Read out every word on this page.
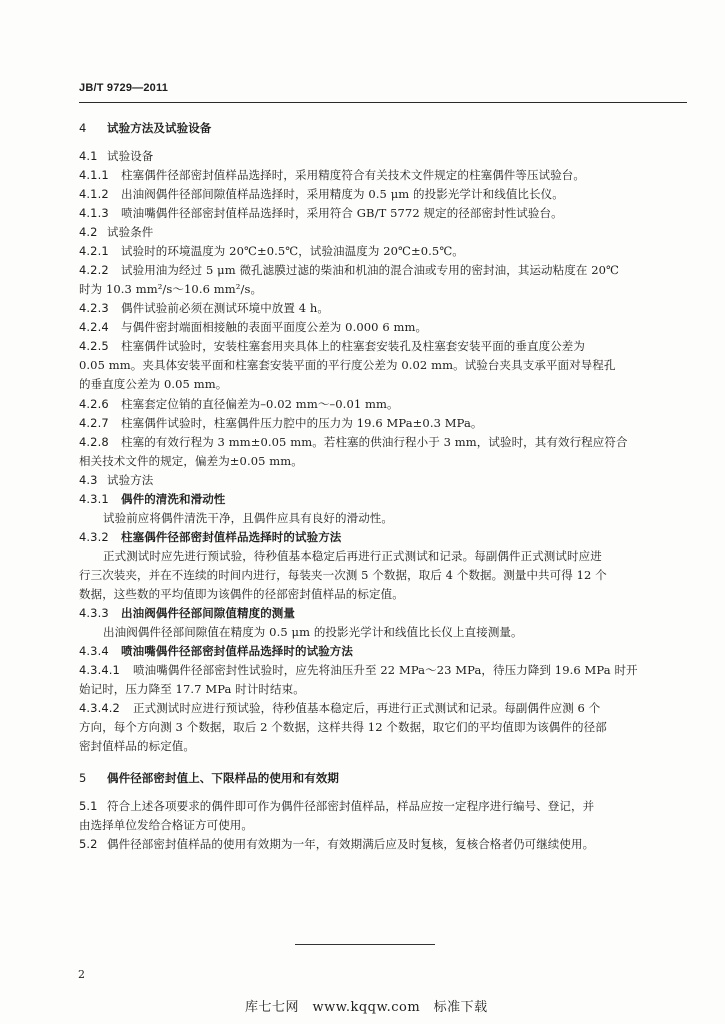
JB/T 9729—2011
4 试验方法及试验设备
4.1 试验设备
4.1.1 柱塞偶件径部密封值样品选择时，采用精度符合有关技术文件规定的柱塞偶件等压试验台。
4.1.2 出油阀偶件径部间隙值样品选择时，采用精度为 0.5 μm 的投影光学计和线值比长仪。
4.1.3 喷油嘴偶件径部密封值样品选择时，采用符合 GB/T 5772 规定的径部密封性试验台。
4.2 试验条件
4.2.1 试验时的环境温度为 20℃±0.5℃，试验油温度为 20℃±0.5℃。
4.2.2 试验用油为经过 5 μm 微孔滤膜过滤的柴油和机油的混合油或专用的密封油，其运动粘度在 20℃
时为 10.3 mm²/s～10.6 mm²/s。
4.2.3 偶件试验前必须在测试环境中放置 4 h。
4.2.4 与偶件密封端面相接触的表面平面度公差为 0.000 6 mm。
4.2.5 柱塞偶件试验时，安装柱塞套用夹具体上的柱塞套安装孔及柱塞套安装平面的垂直度公差为
0.05 mm。夹具体安装平面和柱塞套安装平面的平行度公差为 0.02 mm。试验台夹具支承平面对导程孔
的垂直度公差为 0.05 mm。
4.2.6 柱塞套定位销的直径偏差为–0.02 mm～–0.01 mm。
4.2.7 柱塞偶件试验时，柱塞偶件压力腔中的压力为 19.6 MPa±0.3 MPa。
4.2.8 柱塞的有效行程为 3 mm±0.05 mm。若柱塞的供油行程小于 3 mm，试验时，其有效行程应符合
相关技术文件的规定，偏差为±0.05 mm。
4.3 试验方法
4.3.1 偶件的清洗和滑动性
试验前应将偶件清洗干净，且偶件应具有良好的滑动性。
4.3.2 柱塞偶件径部密封值样品选择时的试验方法
正式测试时应先进行预试验，待秒值基本稳定后再进行正式测试和记录。每副偶件正式测试时应进
行三次装夹，并在不连续的时间内进行，每装夹一次测 5 个数据，取后 4 个数据。测量中共可得 12 个
数据，这些数的平均值即为该偶件的径部密封值样品的标定值。
4.3.3 出油阀偶件径部间隙值精度的测量
出油阀偶件径部间隙值在精度为 0.5 μm 的投影光学计和线值比长仪上直接测量。
4.3.4 喷油嘴偶件径部密封值样品选择时的试验方法
4.3.4.1 喷油嘴偶件径部密封性试验时，应先将油压升至 22 MPa～23 MPa，待压力降到 19.6 MPa 时开
始记时，压力降至 17.7 MPa 时计时结束。
4.3.4.2 正式测试时应进行预试验，待秒值基本稳定后，再进行正式测试和记录。每副偶件应测 6 个
方向，每个方向测 3 个数据，取后 2 个数据，这样共得 12 个数据，取它们的平均值即为该偶件的径部
密封值样品的标定值。
5 偶件径部密封值上、下限样品的使用和有效期
5.1 符合上述各项要求的偶件即可作为偶件径部密封值样品，样品应按一定程序进行编号、登记，并
由选择单位发给合格证方可使用。
5.2 偶件径部密封值样品的使用有效期为一年，有效期满后应及时复核，复核合格者仍可继续使用。
2
库七七网　www.kqqw.com　标准下载
